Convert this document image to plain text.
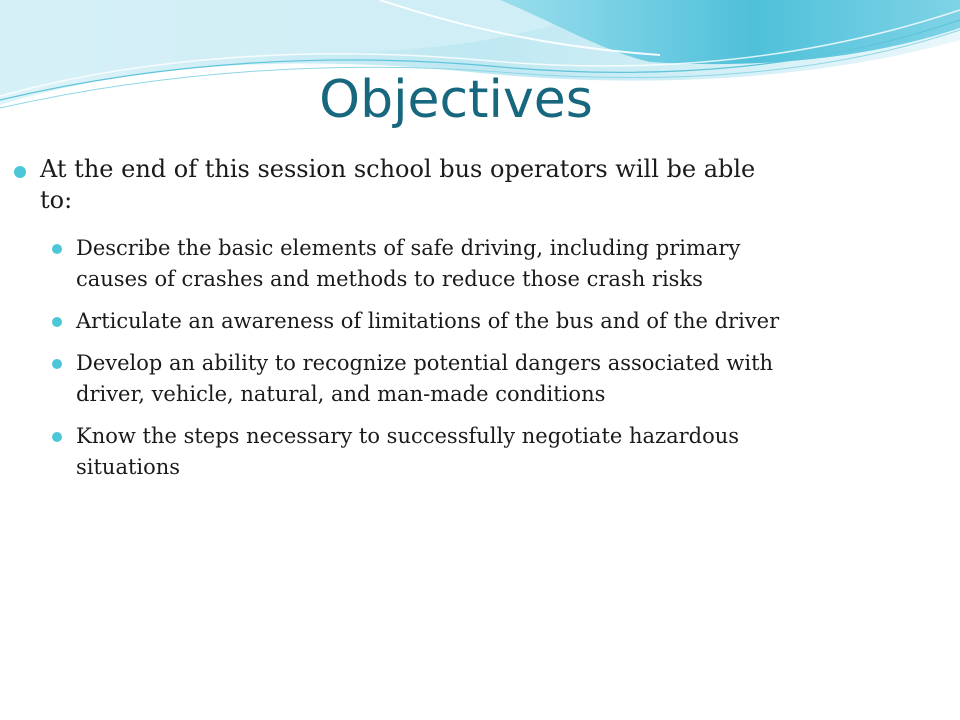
Objectives
At the end of this session school bus operators will be able to:
Describe the basic elements of safe driving, including primary causes of crashes and methods to reduce those crash risks
Articulate an awareness of limitations of the bus and of the driver
Develop an ability to recognize potential dangers associated with driver, vehicle, natural, and man-made conditions
Know the steps necessary to successfully negotiate hazardous situations
